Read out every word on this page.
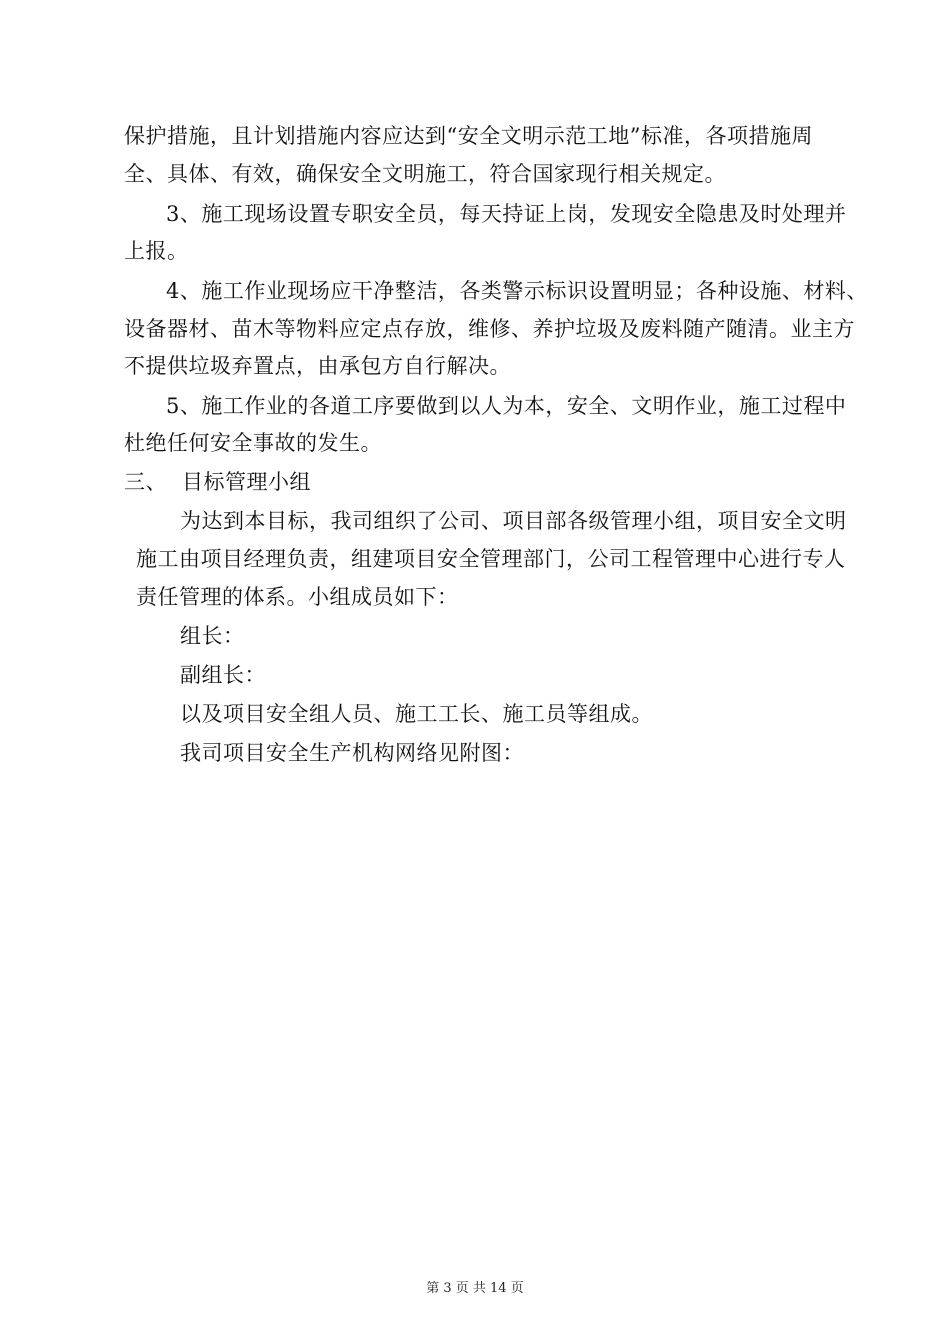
保护措施，且计划措施内容应达到“安全文明示范工地”标准，各项措施周
全、具体、有效，确保安全文明施工，符合国家现行相关规定。
3、施工现场设置专职安全员，每天持证上岗，发现安全隐患及时处理并
上报。
4、施工作业现场应干净整洁，各类警示标识设置明显；各种设施、材料、
设备器材、苗木等物料应定点存放，维修、养护垃圾及废料随产随清。业主方
不提供垃圾弃置点，由承包方自行解决。
5、施工作业的各道工序要做到以人为本，安全、文明作业，施工过程中
杜绝任何安全事故的发生。
三、 目标管理小组
为达到本目标，我司组织了公司、项目部各级管理小组，项目安全文明
施工由项目经理负责，组建项目安全管理部门，公司工程管理中心进行专人
责任管理的体系。小组成员如下：
组长：
副组长：
以及项目安全组人员、施工工长、施工员等组成。
我司项目安全生产机构网络见附图：
第 3 页 共 14 页
